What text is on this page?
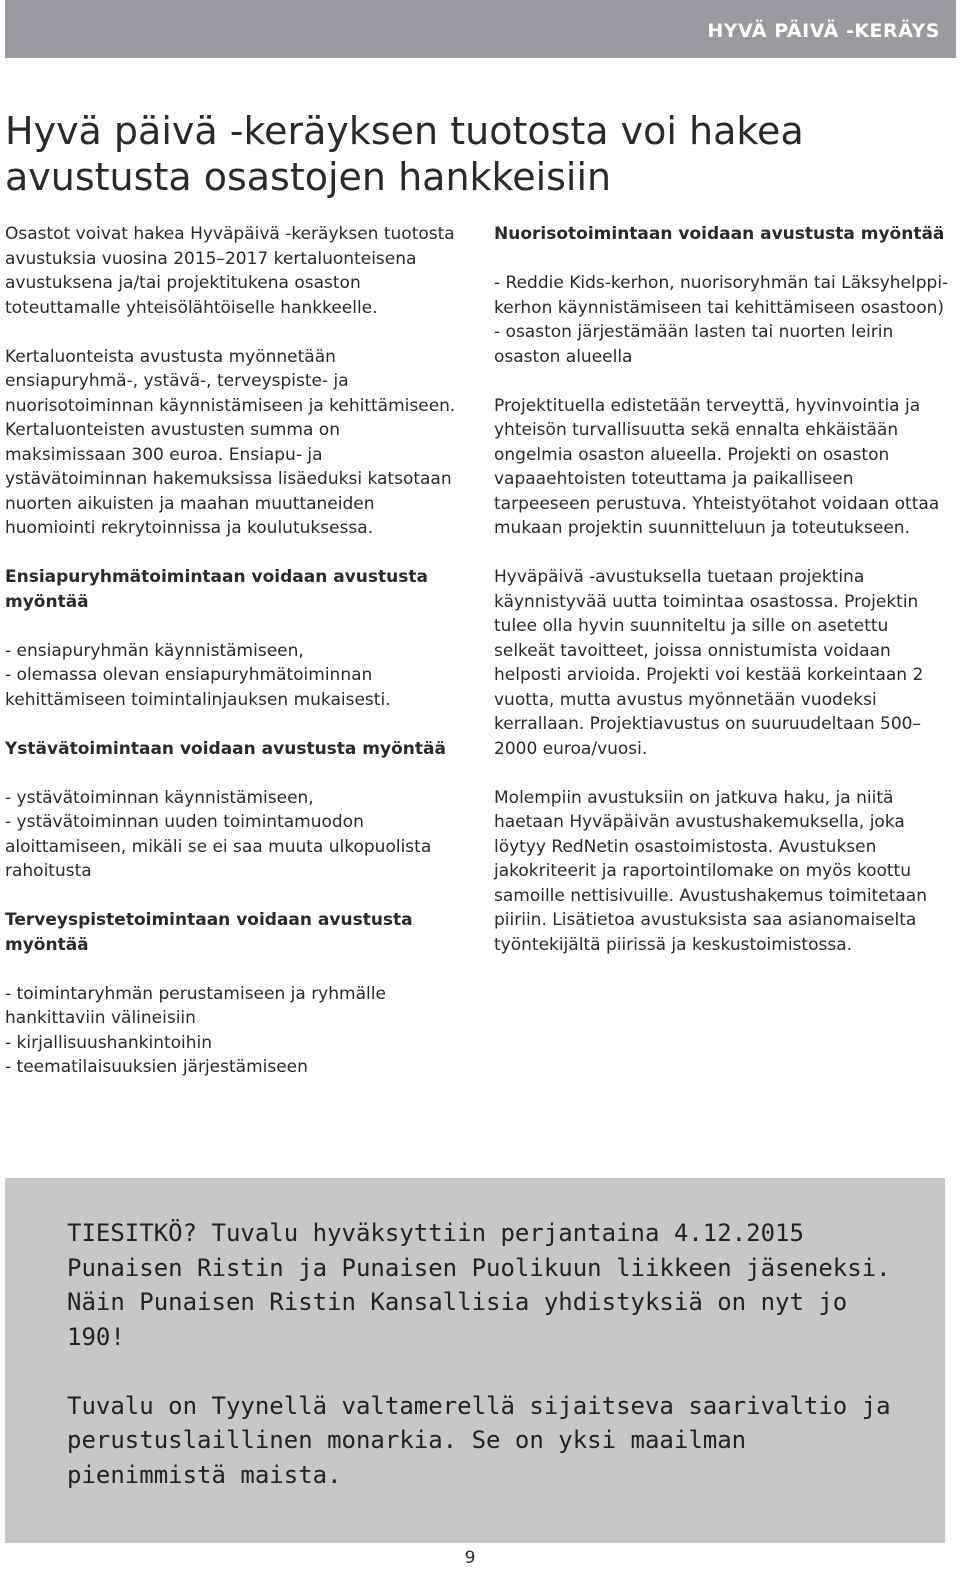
HYVÄ PÄIVÄ -KERÄYS
Hyvä päivä -keräyksen tuotosta voi hakea avustusta osastojen hankkeisiin

Osastot voivat hakea Hyväpäivä -keräyksen tuotosta avustuksia vuosina 2015–2017 kertaluonteisena avustuksena ja/tai projektitukena osaston toteuttamalle yhteisölähtöiselle hankkeelle.

Kertaluonteista avustusta myönnetään ensiapuryhmä-, ystävä-, terveyspiste- ja nuorisotoiminnan käynnistämiseen ja kehittämiseen. Kertaluonteisten avustusten summa on maksimissaan 300 euroa. Ensiapu- ja ystävätoiminnan hakemuksissa lisäeduksi katsotaan nuorten aikuisten ja maahan muuttaneiden huomiointi rekrytoinnissa ja koulutuksessa.

Ensiapuryhmätoimintaan voidaan avustusta myöntää
- ensiapuryhmän käynnistämiseen,
- olemassa olevan ensiapuryhmätoiminnan kehittämiseen toimintalinjauksen mukaisesti.
Ystävätoimintaan voidaan avustusta myöntää
- ystävätoiminnan käynnistämiseen,
- ystävätoiminnan uuden toimintamuodon aloittamiseen, mikäli se ei saa muuta ulkopuolista rahoitusta
Terveyspistetoimintaan voidaan avustusta myöntää
- toimintaryhmän perustamiseen ja ryhmälle hankittaviin välineisiin
- kirjallisuushankintoihin
- teematilaisuuksien järjestämiseen
Nuorisotoimintaan voidaan avustusta myöntää
- Reddie Kids-kerhon, nuorisoryhmän tai Läksyhelppi-kerhon käynnistämiseen tai kehittämiseen osastoon)
- osaston järjestämään lasten tai nuorten leirin osaston alueella

Projektituella edistetään terveyttä, hyvinvointia ja yhteisön turvallisuutta sekä ennalta ehkäistään ongelmia osaston alueella. Projekti on osaston vapaaehtoisten toteuttama ja paikalliseen tarpeeseen perustuva. Yhteistyötahot voidaan ottaa mukaan projektin suunnitteluun ja toteutukseen.

Hyväpäivä -avustuksella tuetaan projektina käynnistyvää uutta toimintaa osastossa. Projektin tulee olla hyvin suunniteltu ja sille on asetettu selkeät tavoitteet, joissa onnistumista voidaan helposti arvioida. Projekti voi kestää korkeintaan 2 vuotta, mutta avustus myönnetään vuodeksi kerrallaan. Projektiavustus on suuruudeltaan 500–2000 euroa/vuosi.

Molempiin avustuksiin on jatkuva haku, ja niitä haetaan Hyväpäivän avustushakemuksella, joka löytyy RedNetin osastoimistosta. Avustuksen jakokriteerit ja raportointilomake on myös koottu samoille nettisivuille. Avustushakemus toimitetaan piiriin. Lisätietoa avustuksista saa asianomaiselta työntekijältä piirissä ja keskustoimistossa.

TIESITKÖ? Tuvalu hyväksyttiin perjantaina 4.12.2015 Punaisen Ristin ja Punaisen Puolikuun liikkeen jäseneksi. Näin Punaisen Ristin Kansallisia yhdistyksiä on nyt jo 190!

Tuvalu on Tyynellä valtamerellä sijaitseva saarivaltio ja perustuslaillinen monarkia. Se on yksi maailman pienimmistä maista.

9
